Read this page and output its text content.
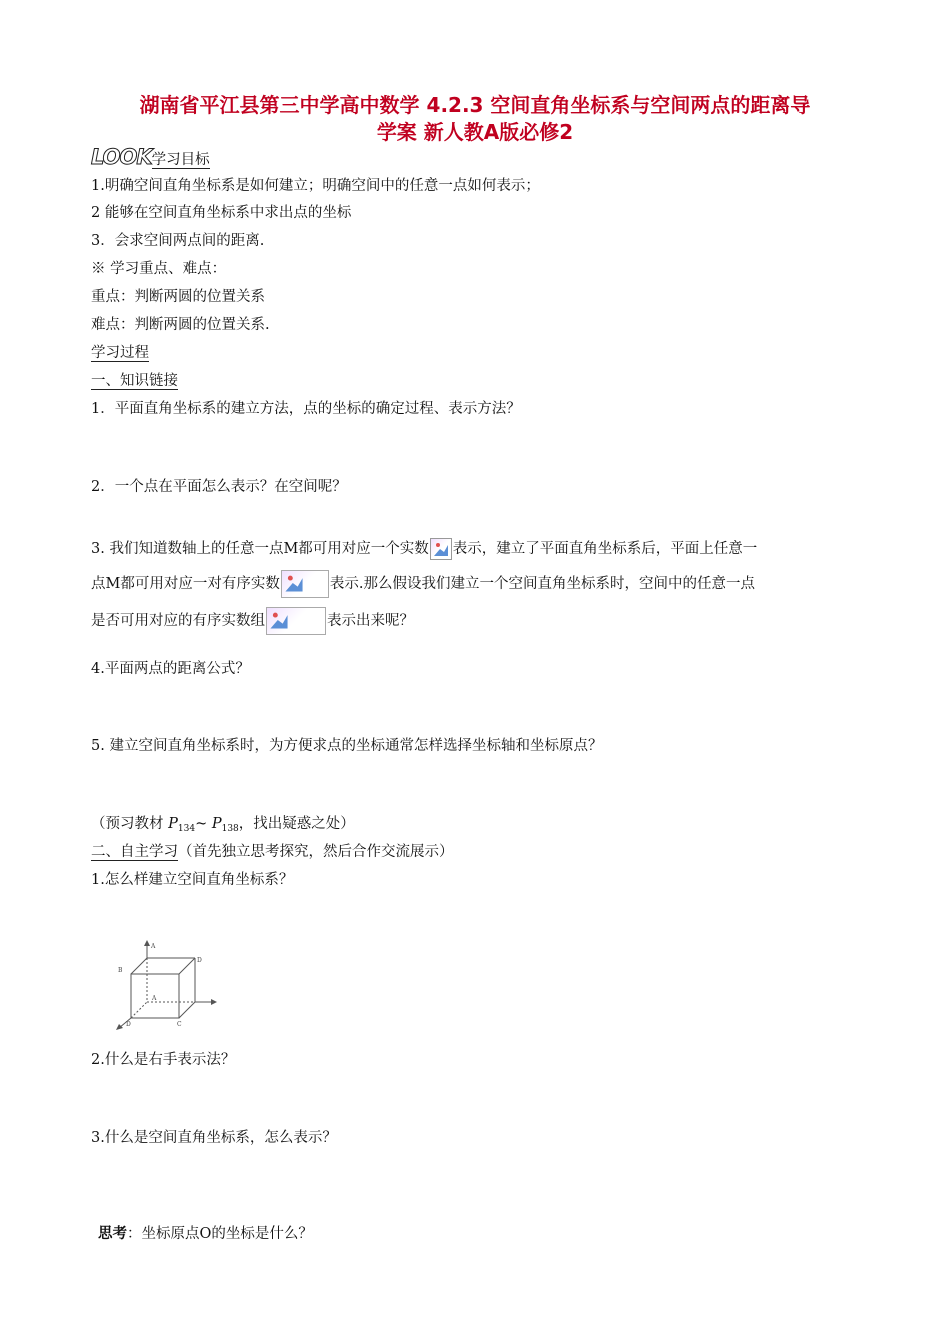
湖南省平江县第三中学高中数学 4.2.3 空间直角坐标系与空间两点的距离导
学案 新人教A版必修2
LOOK学习目标
1.明确空间直角坐标系是如何建立；明确空间中的任意一点如何表示；
2 能够在空间直角坐标系中求出点的坐标
3．会求空间两点间的距离.
※ 学习重点、难点：
重点：判断两圆的位置关系
难点：判断两圆的位置关系.
学习过程
一、知识链接
1．平面直角坐标系的建立方法，点的坐标的确定过程、表示方法？
2．一个点在平面怎么表示？在空间呢？
3. 我们知道数轴上的任意一点M都可用对应一个实数 表示，建立了平面直角坐标系后，平面上任意一
点M都可用对应一对有序实数	表示.那么假设我们建立一个空间直角坐标系时，空间中的任意一点
是否可用对应的有序实数组	表示出来呢？
4.平面两点的距离公式？
5. 建立空间直角坐标系时，为方便求点的坐标通常怎样选择坐标轴和坐标原点？
（预习教材 $P_{134}\sim$ $P_{138}$，找出疑惑之处）
二、自主学习（首先独立思考探究，然后合作交流展示）
1.怎么样建立空间直角坐标系？
A
D
B
A
D	C
2.什么是右手表示法？
3.什么是空间直角坐标系，怎么表示？
思考：坐标原点O的坐标是什么？
